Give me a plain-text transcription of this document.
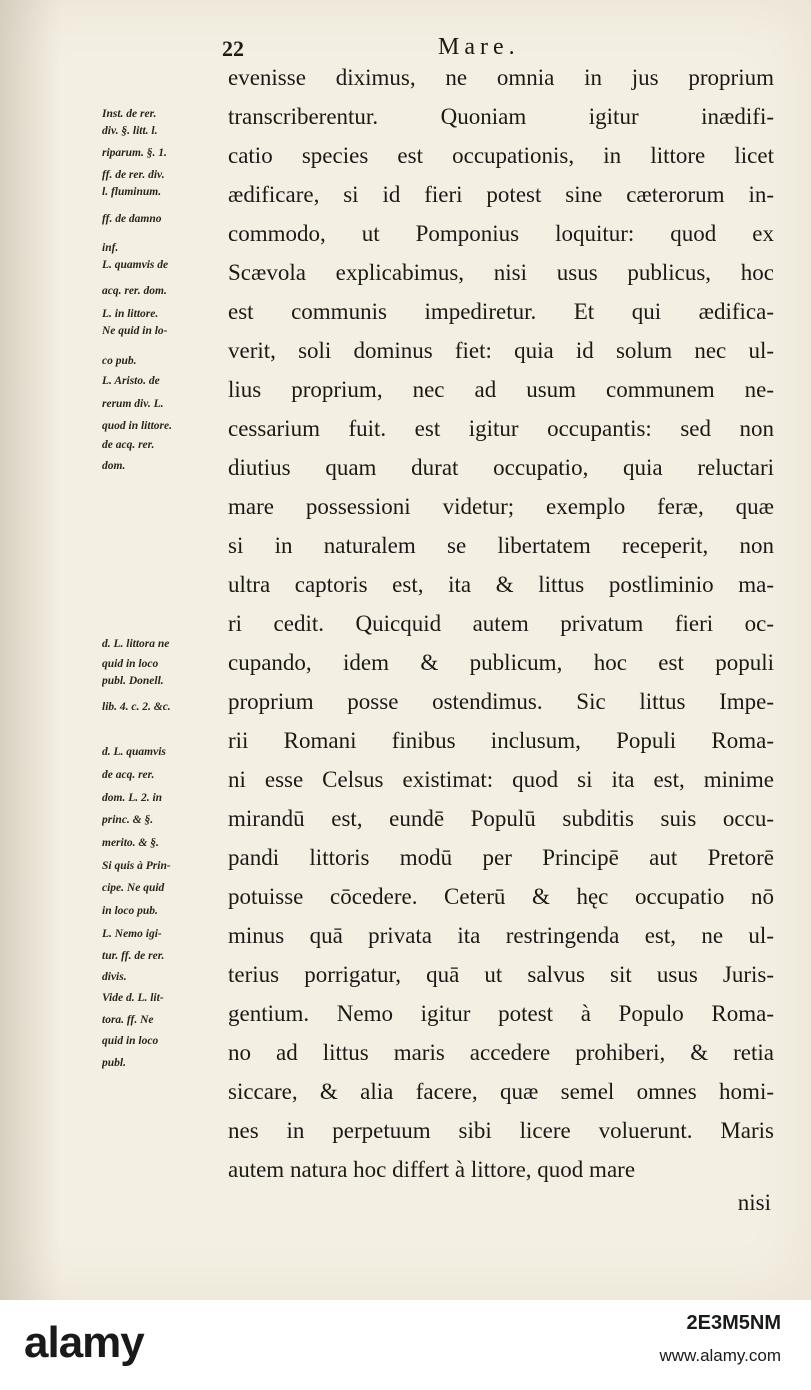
22	Mare.
evenisse diximus, ne omnia in jus proprium
transcriberentur. Quoniam igitur inædifi-
catio species est occupationis, in littore licet
ædificare, si id fieri potest sine cæterorum in-
commodo, ut Pomponius loquitur: quod ex
Scævola explicabimus, nisi usus publicus, hoc
est communis impediretur. Et qui ædifica-
verit, soli dominus fiet: quia id solum nec ul-
lius proprium, nec ad usum communem ne-
cessarium fuit. est igitur occupantis: sed non
diutius quam durat occupatio, quia reluctari
mare possessioni videtur; exemplo feræ, quæ
si in naturalem se libertatem receperit, non
ultra captoris est, ita & littus postliminio ma-
ri cedit. Quicquid autem privatum fieri oc-
cupando, idem & publicum, hoc est populi
proprium posse ostendimus. Sic littus Impe-
rii Romani finibus inclusum, Populi Roma-
ni esse Celsus existimat: quod si ita est, minime
mirandū est, eundē Populū subditis suis occu-
pandi littoris modū per Principē aut Pretorē
potuisse cōcedere. Ceterū & hęc occupatio nō
minus quā privata ita restringenda est, ne ul-
terius porrigatur, quā ut salvus sit usus Juris-
gentium. Nemo igitur potest à Populo Roma-
no ad littus maris accedere prohiberi, & retia
siccare, & alia facere, quæ semel omnes homi-
nes in perpetuum sibi licere voluerunt. Maris
autem natura hoc differt à littore, quod mare
nisi
Inst. de rer.
div. §. litt. l.
riparum. §. 1.
ff. de rer. div.
l. fluminum.
ff. de damno
inf.
L. quamvis de
acq. rer. dom.
L. in littore.
Ne quid in lo-
co pub.
L. Aristo. de
rerum div. L.
quod in littore.
de acq. rer.
dom.
d. L. littora ne
quid in loco
publ. Donell.
lib. 4. c. 2. &c.
d. L. quamvis
de acq. rer.
dom. L. 2. in
princ. & §.
merito. & §.
Si quis à Prin-
cipe. Ne quid
in loco pub.
L. Nemo igi-
tur. ff. de rer.
divis.
Vide d. L. lit-
tora. ff. Ne
quid in loco
publ.
alamy	2E3M5NM
www.alamy.com
